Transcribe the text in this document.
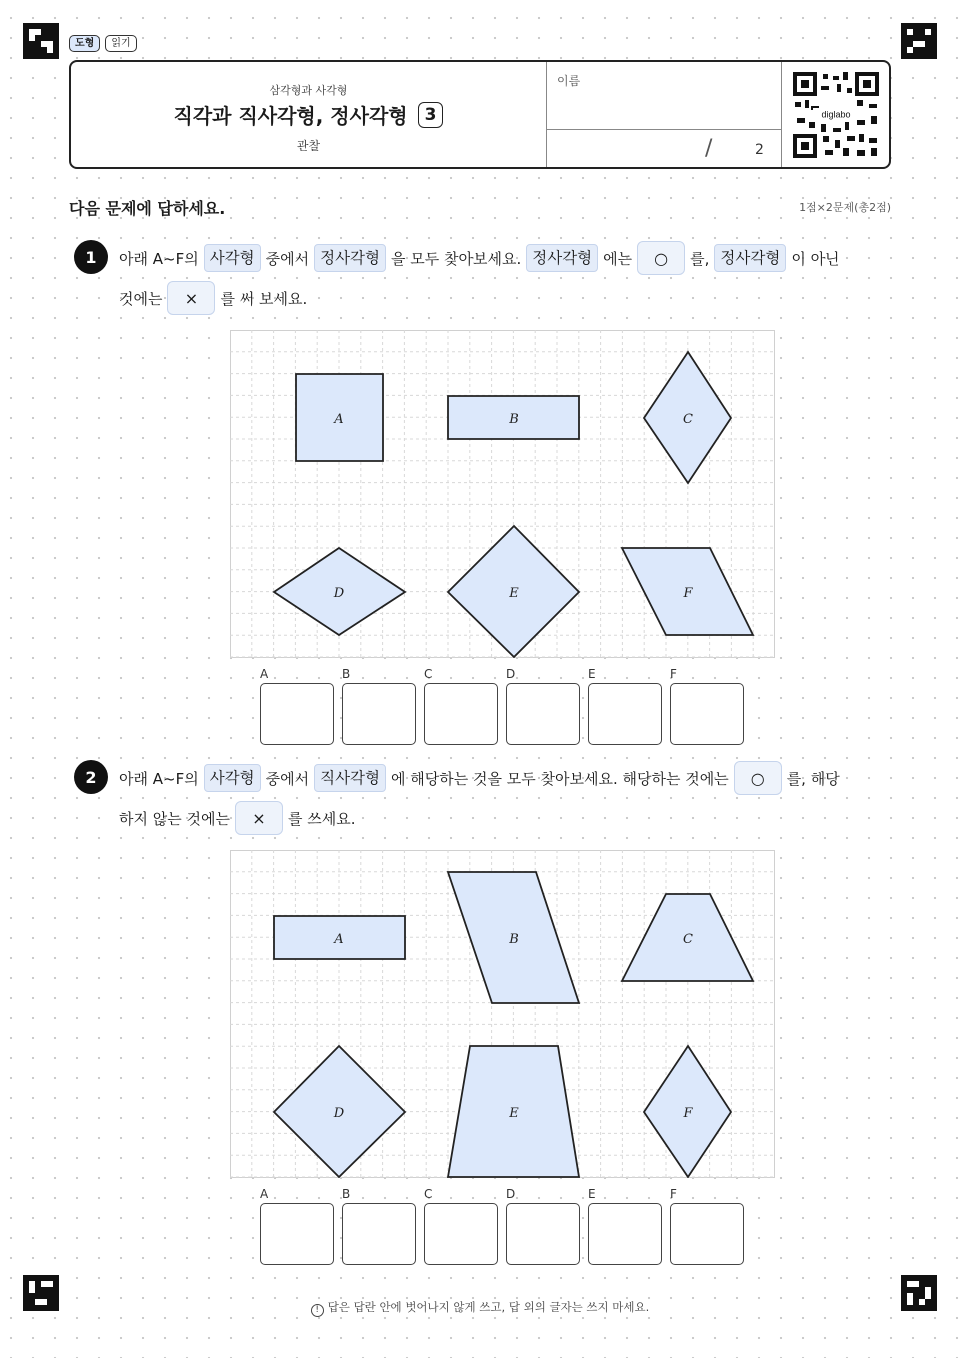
도형	읽기
삼각형과 사각형
직각과 직사각형, 정사각형	3
관찰
이름
/	2
diglabo
다음 문제에 답하세요.	1점×2문제(총2점)
1	아래 A~F의 사각형 중에서 정사각형 을 모두 찾아보세요. 정사각형 에는	○	를, 정사각형 이 아닌
것에는	×	를 써 보세요.
A	B	C
D	E	F
A	B	C	D	E	F
2	아래 A~F의 사각형 중에서 직사각형 에 해당하는 것을 모두 찾아보세요. 해당하는 것에는	○	를, 해당
하지 않는 것에는	×	를 쓰세요.
A	B	C
D	E	F
A	B	C	D	E	F
! 답은 답란 안에 벗어나지 않게 쓰고, 답 외의 글자는 쓰지 마세요.
